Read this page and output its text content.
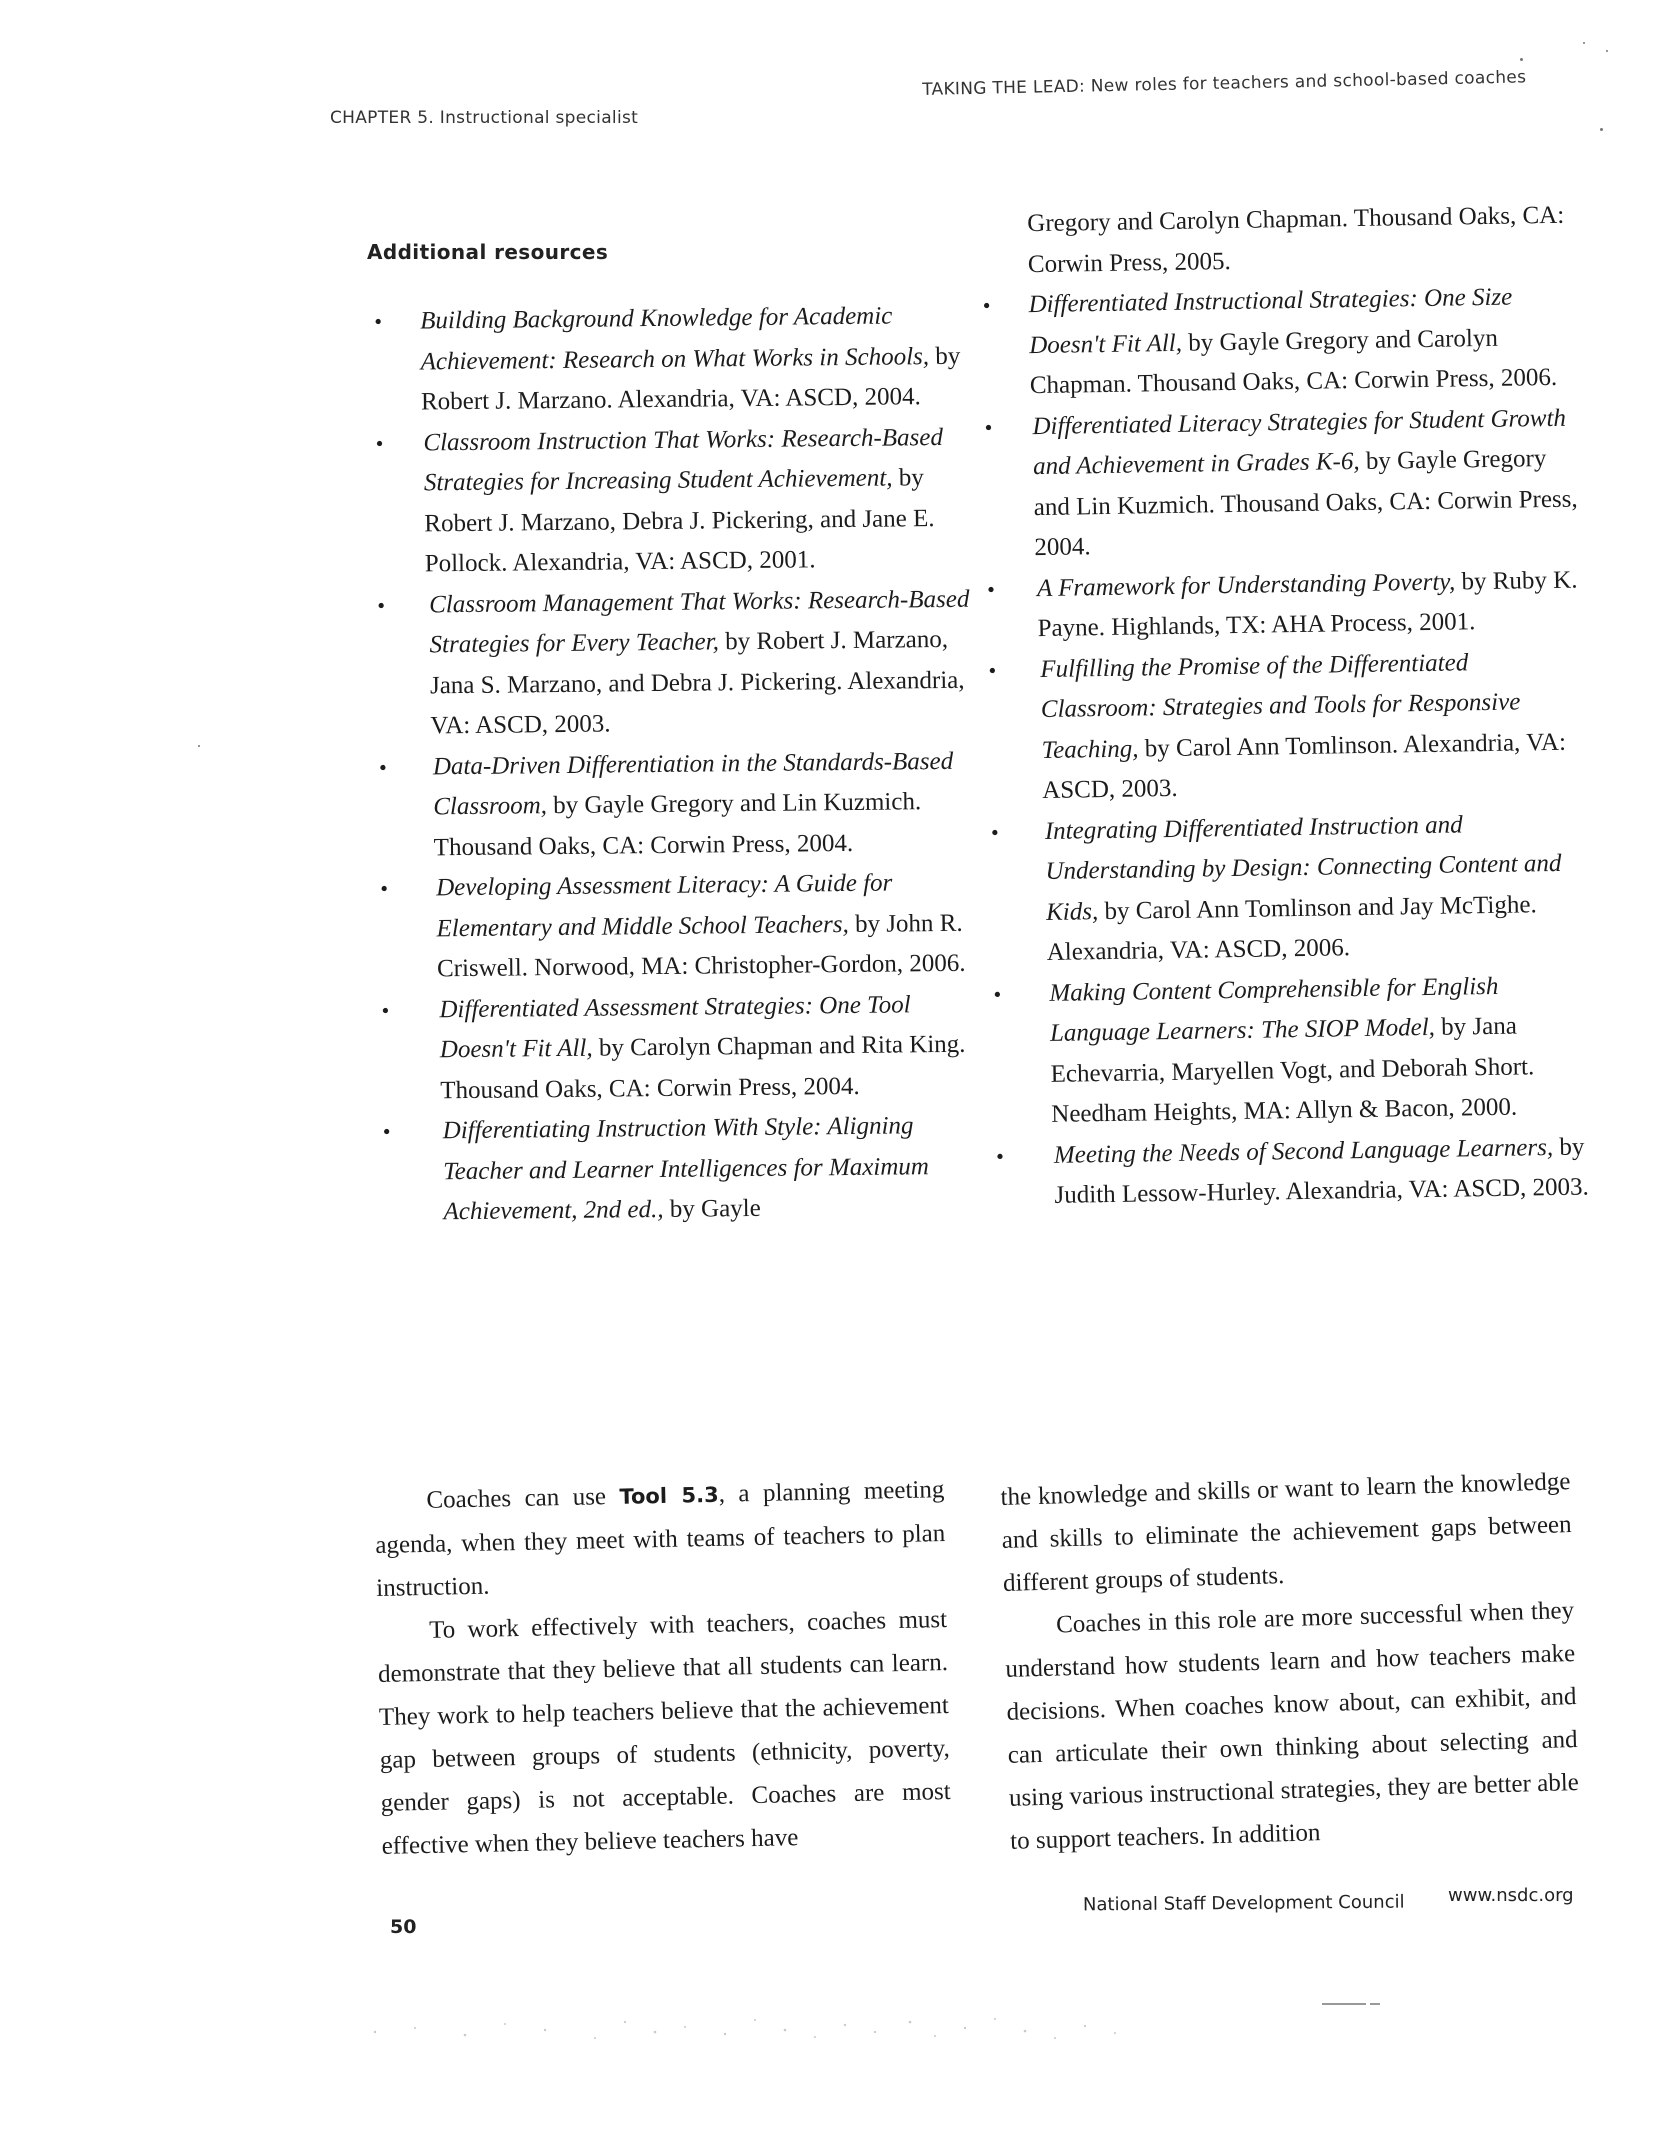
CHAPTER 5. Instructional specialist
TAKING THE LEAD: New roles for teachers and school-based coaches
Additional resources
• Building Background Knowledge for Academic Achievement: Research on What Works in Schools, by Robert J. Marzano. Alexandria, VA: ASCD, 2004.
• Classroom Instruction That Works: Research-Based Strategies for Increasing Student Achievement, by Robert J. Marzano, Debra J. Pickering, and Jane E. Pollock. Alexandria, VA: ASCD, 2001.
• Classroom Management That Works: Research-Based Strategies for Every Teacher, by Robert J. Marzano, Jana S. Marzano, and Debra J. Pickering. Alexandria, VA: ASCD, 2003.
• Data-Driven Differentiation in the Standards-Based Classroom, by Gayle Gregory and Lin Kuzmich. Thousand Oaks, CA: Corwin Press, 2004.
• Developing Assessment Literacy: A Guide for Elementary and Middle School Teachers, by John R. Criswell. Norwood, MA: Christopher-Gordon, 2006.
• Differentiated Assessment Strategies: One Tool Doesn't Fit All, by Carolyn Chapman and Rita King. Thousand Oaks, CA: Corwin Press, 2004.
• Differentiating Instruction With Style: Aligning Teacher and Learner Intelligences for Maximum Achievement, 2nd ed., by Gayle
Gregory and Carolyn Chapman. Thousand Oaks, CA: Corwin Press, 2005.
• Differentiated Instructional Strategies: One Size Doesn't Fit All, by Gayle Gregory and Carolyn Chapman. Thousand Oaks, CA: Corwin Press, 2006.
• Differentiated Literacy Strategies for Student Growth and Achievement in Grades K-6, by Gayle Gregory and Lin Kuzmich. Thousand Oaks, CA: Corwin Press, 2004.
• A Framework for Understanding Poverty, by Ruby K. Payne. Highlands, TX: AHA Process, 2001.
• Fulfilling the Promise of the Differentiated Classroom: Strategies and Tools for Responsive Teaching, by Carol Ann Tomlinson. Alexandria, VA: ASCD, 2003.
• Integrating Differentiated Instruction and Understanding by Design: Connecting Content and Kids, by Carol Ann Tomlinson and Jay McTighe. Alexandria, VA: ASCD, 2006.
• Making Content Comprehensible for English Language Learners: The SIOP Model, by Jana Echevarria, Maryellen Vogt, and Deborah Short. Needham Heights, MA: Allyn & Bacon, 2000.
• Meeting the Needs of Second Language Learners, by Judith Lessow-Hurley. Alexandria, VA: ASCD, 2003.

Coaches can use Tool 5.3, a planning meeting agenda, when they meet with teams of teachers to plan instruction.

To work effectively with teachers, coaches must demonstrate that they believe that all students can learn. They work to help teachers believe that the achievement gap between groups of students (ethnicity, poverty, gender gaps) is not acceptable. Coaches are most effective when they believe teachers have

the knowledge and skills or want to learn the knowledge and skills to eliminate the achievement gaps between different groups of students.

Coaches in this role are more successful when they understand how students learn and how teachers make decisions. When coaches know about, can exhibit, and can articulate their own thinking about selecting and using various instructional strategies, they are better able to support teachers. In addition

National Staff Development Council www.nsdc.org
50
